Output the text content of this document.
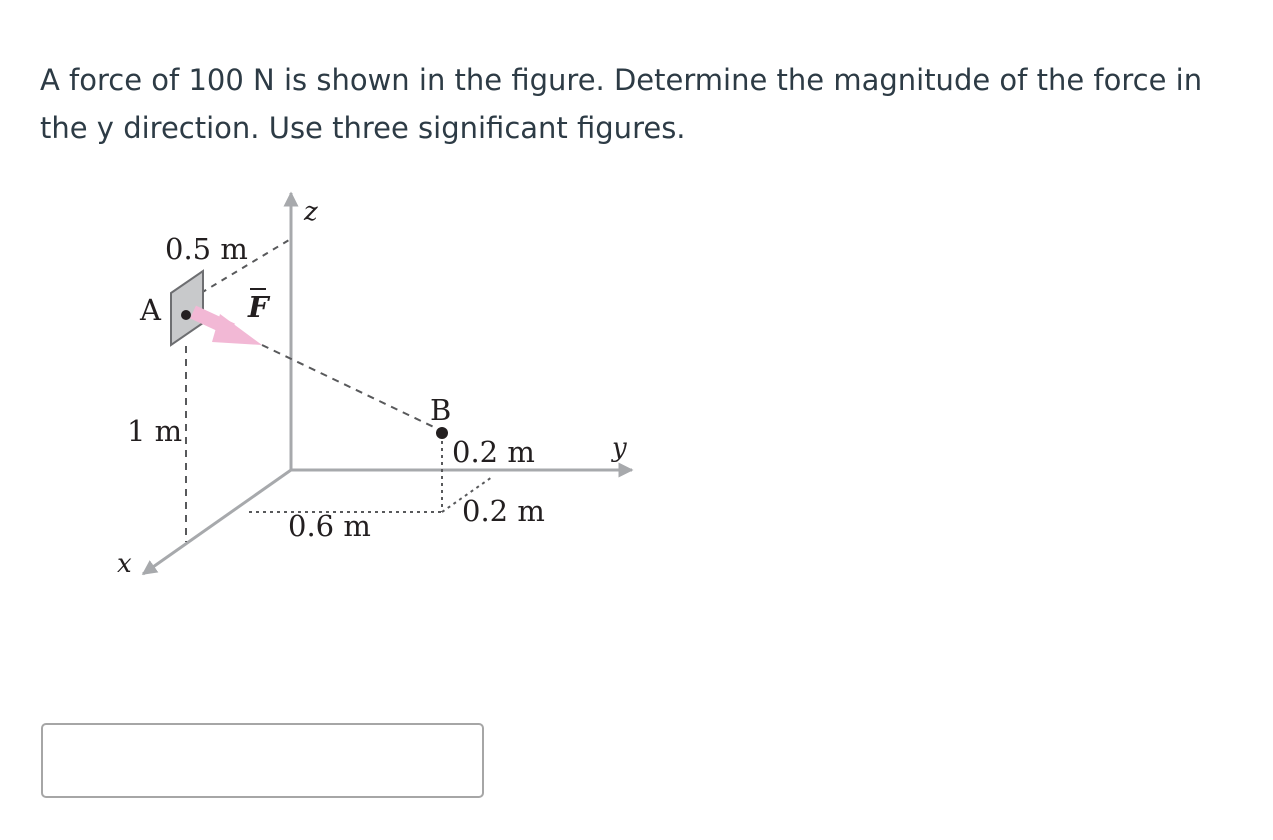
A force of 100 N is shown in the figure. Determine the magnitude of the force in the y direction. Use three significant figures.

z
y
x
A
B
F
0.5 m
1 m
0.6 m
0.2 m
0.2 m
